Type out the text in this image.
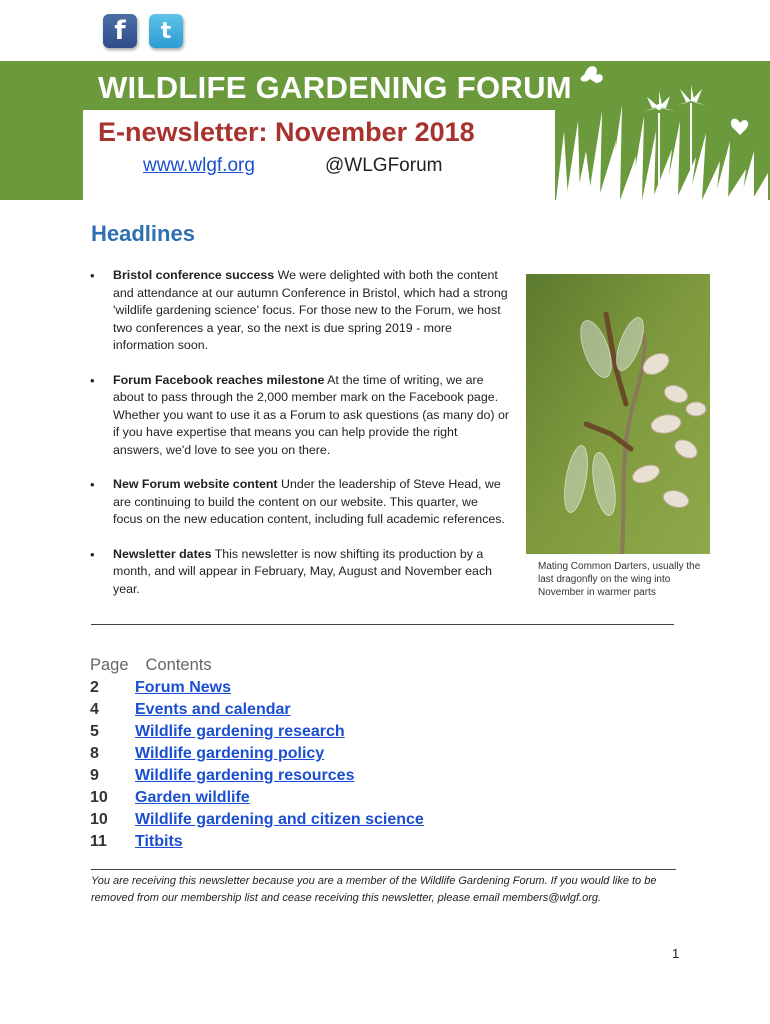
f	t
WILDLIFE GARDENING FORUM
E-newsletter: November 2018
www.wlgf.org	@WLGForum
Headlines
• Bristol conference success We were delighted with both the content and attendance at our autumn Conference in Bristol, which had a strong 'wildlife gardening science' focus. For those new to the Forum, we host two conferences a year, so the next is due spring 2019 - more information soon.
• Forum Facebook reaches milestone At the time of writing, we are about to pass through the 2,000 member mark on the Facebook page. Whether you want to use it as a Forum to ask questions (as many do) or if you have expertise that means you can help provide the right answers, we'd love to see you on there.
• New Forum website content Under the leadership of Steve Head, we are continuing to build the content on our website. This quarter, we focus on the new education content, including full academic references.
• Newsletter dates This newsletter is now shifting its production by a month, and will appear in February, May, August and November each year.
Mating Common Darters, usually the last dragonfly on the wing into November in warmer parts
Page Contents
2	Forum News
4	Events and calendar
5	Wildlife gardening research
8	Wildlife gardening policy
9	Wildlife gardening resources
10	Garden wildlife
10	Wildlife gardening and citizen science
11	Titbits
You are receiving this newsletter because you are a member of the Wildlife Gardening Forum. If you would like to be removed from our membership list and cease receiving this newsletter, please email members@wlgf.org.
1
